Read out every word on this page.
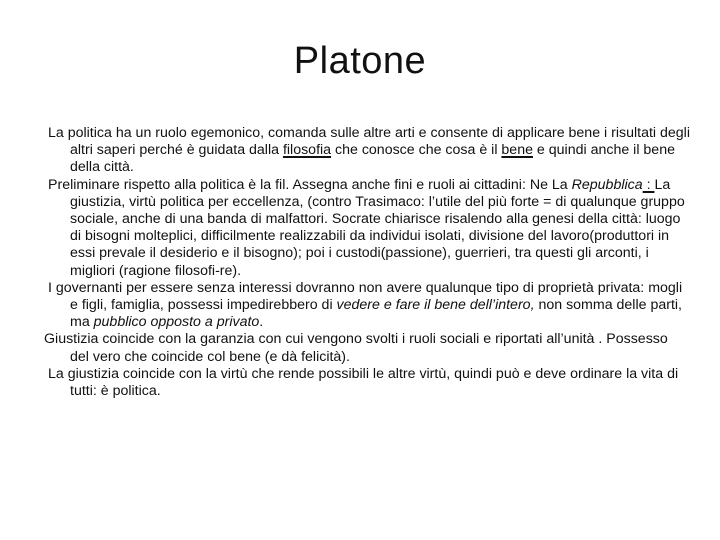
Platone

La politica ha un ruolo egemonico, comanda sulle altre arti e consente di applicare bene i risultati degli altri saperi perché è guidata dalla filosofia che conosce che cosa è il bene e quindi anche il bene della città.

Preliminare rispetto alla politica è la fil. Assegna anche fini e ruoli ai cittadini: Ne La Repubblica : La giustizia, virtù politica per eccellenza, (contro Trasimaco: l’utile del più forte = di qualunque gruppo sociale, anche di una banda di malfattori. Socrate chiarisce risalendo alla genesi della città: luogo di bisogni molteplici, difficilmente realizzabili da individui isolati, divisione del lavoro(produttori in essi prevale il desiderio e il bisogno); poi i custodi(passione), guerrieri, tra questi gli arconti, i migliori (ragione filosofi-re).

I governanti per essere senza interessi dovranno non avere qualunque tipo di proprietà privata: mogli e figli, famiglia, possessi impedirebbero di vedere e fare il bene dell’intero, non somma delle parti, ma pubblico opposto a privato.

Giustizia coincide con la garanzia con cui vengono svolti i ruoli sociali e riportati all’unità . Possesso del vero che coincide col bene (e dà felicità).

La giustizia coincide con la virtù che rende possibili le altre virtù, quindi può e deve ordinare la vita di tutti: è politica.
